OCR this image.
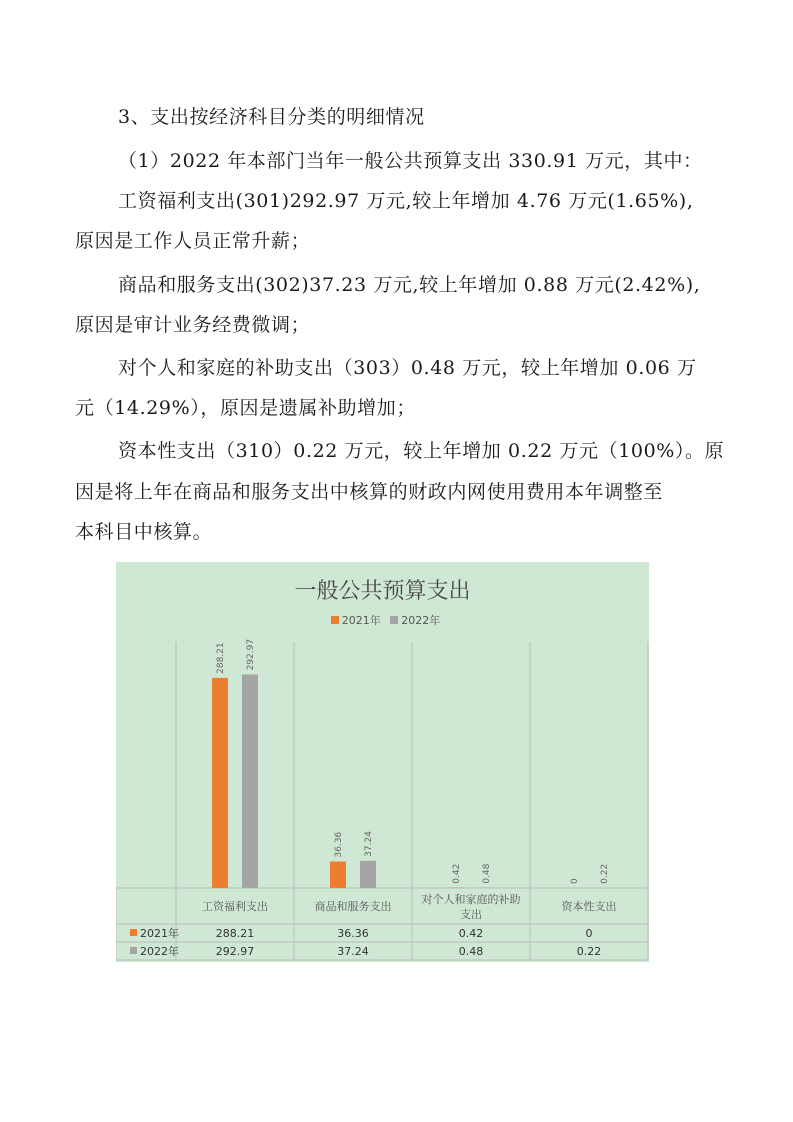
3、支出按经济科目分类的明细情况
（1）2022 年本部门当年一般公共预算支出 330.91 万元，其中：
工资福利支出(301)292.97 万元,较上年增加 4.76 万元(1.65%),
原因是工作人员正常升薪；
商品和服务支出(302)37.23 万元,较上年增加 0.88 万元(2.42%),
原因是审计业务经费微调；
对个人和家庭的补助支出（303）0.48 万元，较上年增加 0.06 万
元（14.29%），原因是遗属补助增加；
资本性支出（310）0.22 万元，较上年增加 0.22 万元（100%）。原
因是将上年在商品和服务支出中核算的财政内网使用费用本年调整至
本科目中核算。
一般公共预算支出
2021年 2022年
288.21 292.97
工资福利支出
288.21
292.97
36.36 37.24
商品和服务支出
36.36
37.24
0.42 0.48
对个人和家庭的补助
支出
0.42
0.48
0 0.22
资本性支出
0
0.22
2021年
2022年
